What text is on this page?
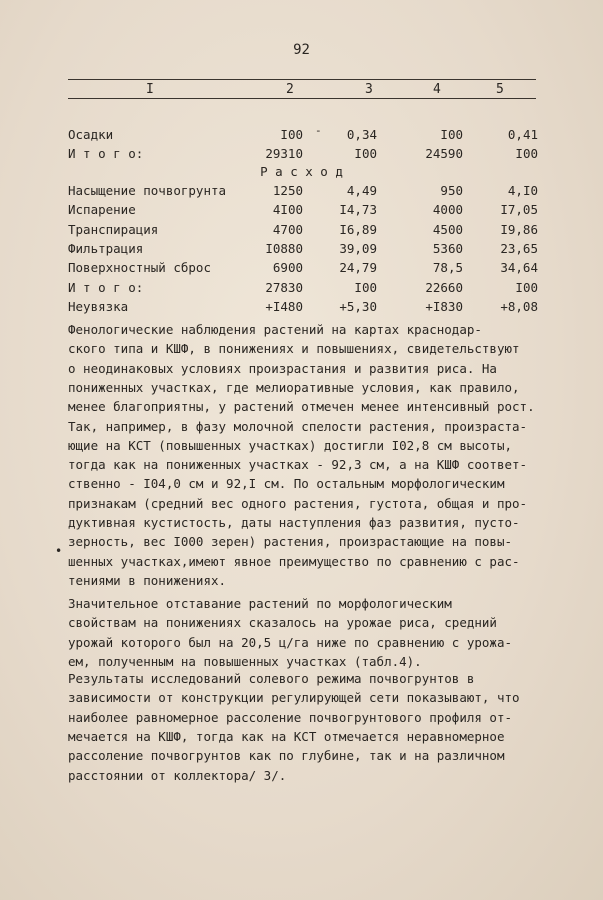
92
I	2	3	4	5
Осадки	I00	0,34	I00	0,41
И т о г о:	29310	I00	24590	I00
-
Р а с х о д
Насыщение почвогрунта	1250	4,49	950	4,I0
Испарение	4I00	I4,73	4000	I7,05
Транспирация	4700	I6,89	4500	I9,86
Фильтрация	I0880	39,09	5360	23,65
Поверхностный сброс	6900	24,79	78,5	34,64
И т о г о:	27830	I00	22660	I00
Неувязка	+I480	+5,30	+I830	+8,08
Фенологические наблюдения растений на картах краснодар-
ского типа и КШФ, в понижениях и повышениях, свидетельствуют
о неодинаковых условиях произрастания и развития риса. На
пониженных участках, где мелиоративные условия, как правило,
менее благоприятны, у растений отмечен менее интенсивный рост.
Так, например, в фазу молочной спелости растения, произраста-
ющие на КСТ (повышенных участках) достигли I02,8 см высоты,
тогда как на пониженных участках - 92,3 см, а на КШФ соответ-
ственно - I04,0 см и 92,I см. По остальным морфологическим
признакам (средний вес одного растения, густота, общая и про-
дуктивная кустистость, даты наступления фаз развития, пусто-
зерность, вес I000 зерен) растения, произрастающие на повы-
шенных участках,имеют явное преимущество по сравнению с рас-
тениями в понижениях.
•
Значительное отставание растений по морфологическим
свойствам на понижениях сказалось на урожае риса, средний
урожай которого был на 20,5 ц/га ниже по сравнению с урожа-
ем, полученным на повышенных участках (табл.4).
Результаты исследований солевого режима почвогрунтов в
зависимости от конструкции регулирующей сети показывают, что
наиболее равномерное рассоление почвогрунтового профиля от-
мечается на КШФ, тогда как на КСТ отмечается неравномерное
рассоление почвогрунтов как по глубине, так и на различном
расстоянии от коллектора/ 3/.
